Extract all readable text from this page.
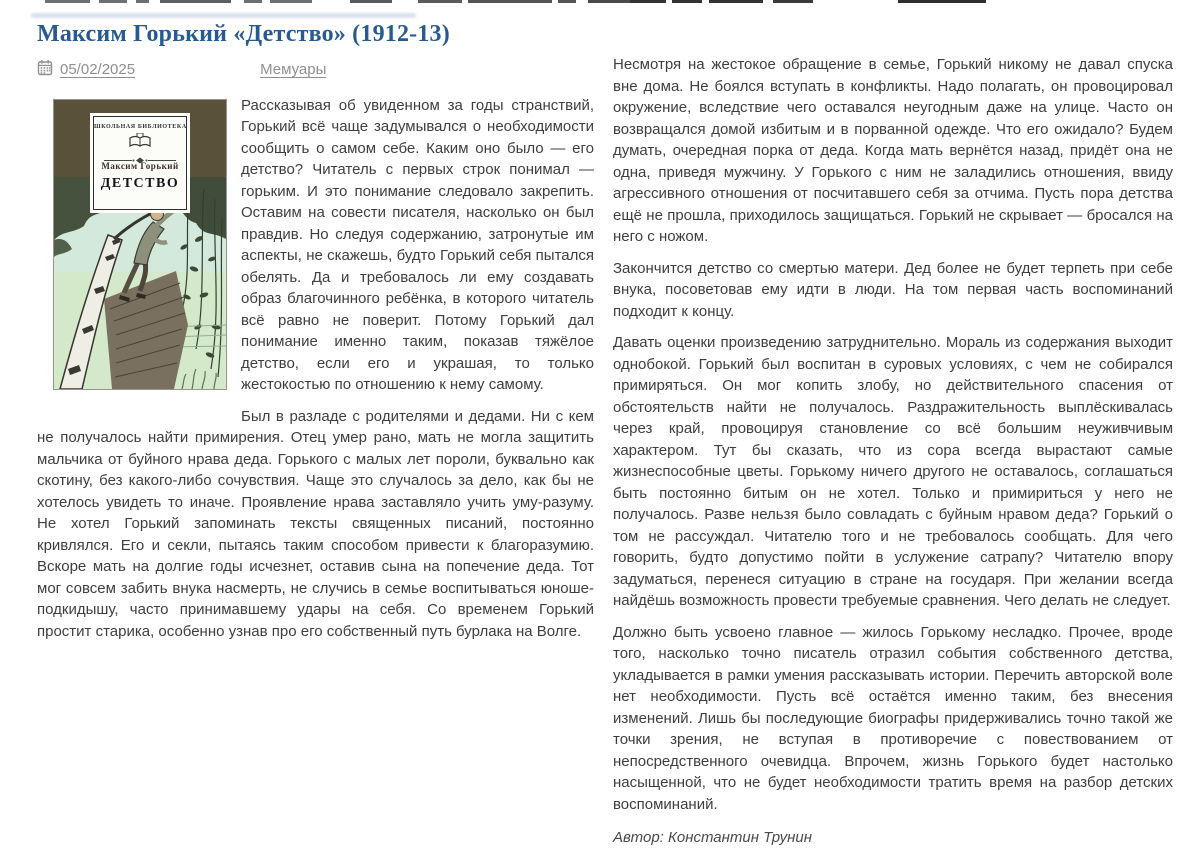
Максим Горький «Детство» (1912-13)
05/02/2025	Мемуары
ШКОЛЬНАЯ БИБЛИОТЕКА
Максим Горький
ДЕТСТВО

Рассказывая об увиденном за годы странствий, Горький всё чаще задумывался о необходимости сообщить о самом себе. Каким оно было — его детство? Читатель с первых строк понимал — горьким. И это понимание следовало закрепить. Оставим на совести писателя, насколько он был правдив. Но следуя содержанию, затронутые им аспекты, не скажешь, будто Горький себя пытался обелять. Да и требовалось ли ему создавать образ благочинного ребёнка, в которого читатель всё равно не поверит. Потому Горький дал понимание именно таким, показав тяжёлое детство, если его и украшая, то только жестокостью по отношению к нему самому.

Был в разладе с родителями и дедами. Ни с кем не получалось найти примирения. Отец умер рано, мать не могла защитить мальчика от буйного нрава деда. Горького с малых лет пороли, буквально как скотину, без какого-либо сочувствия. Чаще это случалось за дело, как бы не хотелось увидеть то иначе. Проявление нрава заставляло учить уму-разуму. Не хотел Горький запоминать тексты священных писаний, постоянно кривлялся. Его и секли, пытаясь таким способом привести к благоразумию. Вскоре мать на долгие годы исчезнет, оставив сына на попечение деда. Тот мог совсем забить внука насмерть, не случись в семье воспитываться юноше-подкидышу, часто принимавшему удары на себя. Со временем Горький простит старика, особенно узнав про его собственный путь бурлака на Волге.

Несмотря на жестокое обращение в семье, Горький никому не давал спуска вне дома. Не боялся вступать в конфликты. Надо полагать, он провоцировал окружение, вследствие чего оставался неугодным даже на улице. Часто он возвращался домой избитым и в порванной одежде. Что его ожидало? Будем думать, очередная порка от деда. Когда мать вернётся назад, придёт она не одна, приведя мужчину. У Горького с ним не заладились отношения, ввиду агрессивного отношения от посчитавшего себя за отчима. Пусть пора детства ещё не прошла, приходилось защищаться. Горький не скрывает — бросался на него с ножом.

Закончится детство со смертью матери. Дед более не будет терпеть при себе внука, посоветовав ему идти в люди. На том первая часть воспоминаний подходит к концу.

Давать оценки произведению затруднительно. Мораль из содержания выходит однобокой. Горький был воспитан в суровых условиях, с чем не собирался примиряться. Он мог копить злобу, но действительного спасения от обстоятельств найти не получалось. Раздражительность выплёскивалась через край, провоцируя становление со всё большим неуживчивым характером. Тут бы сказать, что из сора всегда вырастают самые жизнеспособные цветы. Горькому ничего другого не оставалось, соглашаться быть постоянно битым он не хотел. Только и примириться у него не получалось. Разве нельзя было совладать с буйным нравом деда? Горький о том не рассуждал. Читателю того и не требовалось сообщать. Для чего говорить, будто допустимо пойти в услужение сатрапу? Читателю впору задуматься, перенеся ситуацию в стране на государя. При желании всегда найдёшь возможность провести требуемые сравнения. Чего делать не следует.

Должно быть усвоено главное — жилось Горькому несладко. Прочее, вроде того, насколько точно писатель отразил события собственного детства, укладывается в рамки умения рассказывать истории. Перечить авторской воле нет необходимости. Пусть всё остаётся именно таким, без внесения изменений. Лишь бы последующие биографы придерживались точно такой же точки зрения, не вступая в противоречие с повествованием от непосредственного очевидца. Впрочем, жизнь Горького будет настолько насыщенной, что не будет необходимости тратить время на разбор детских воспоминаний.

Автор: Константин Трунин
